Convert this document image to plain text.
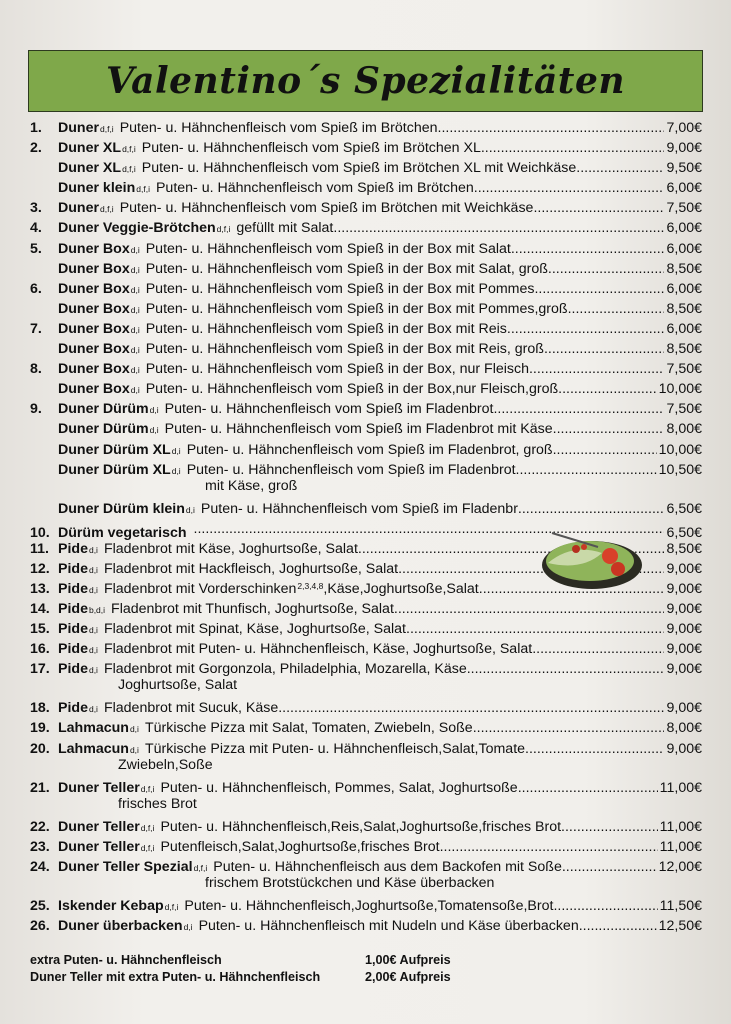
Valentino´s Spezialitäten
1.	Duner d,f,i Puten- u. Hähnchenfleisch vom Spieß im Brötchen .....	7,00€
2.	Duner XL d,f,i Puten- u. Hähnchenfleisch vom Spieß im Brötchen XL .....	9,00€
Duner XL d,f,i Puten- u. Hähnchenfleisch vom Spieß im Brötchen XL mit Weichkäse .....	9,50€
Duner klein d,f,i Puten- u. Hähnchenfleisch vom Spieß im Brötchen .....	6,00€
3.	Duner d,f,i Puten- u. Hähnchenfleisch vom Spieß im Brötchen mit Weichkäse .....	7,50€
4.	Duner Veggie-Brötchen d,f,i gefüllt mit Salat .....	6,00€
5.	Duner Box d,i Puten- u. Hähnchenfleisch vom Spieß in der Box mit Salat .....	6,00€
Duner Box d,i Puten- u. Hähnchenfleisch vom Spieß in der Box mit Salat, groß .....	8,50€
6.	Duner Box d,i Puten- u. Hähnchenfleisch vom Spieß in der Box mit Pommes .....	6,00€
Duner Box d,i Puten- u. Hähnchenfleisch vom Spieß in der Box mit Pommes,groß .....	8,50€
7.	Duner Box d,i Puten- u. Hähnchenfleisch vom Spieß in der Box mit Reis .....	6,00€
Duner Box d,i Puten- u. Hähnchenfleisch vom Spieß in der Box mit Reis, groß .....	8,50€
8.	Duner Box d,i Puten- u. Hähnchenfleisch vom Spieß in der Box, nur Fleisch .....	7,50€
Duner Box d,i Puten- u. Hähnchenfleisch vom Spieß in der Box,nur Fleisch,groß .....	10,00€
9.	Duner Dürüm d,i Puten- u. Hähnchenfleisch vom Spieß im Fladenbrot .....	7,50€
Duner Dürüm d,i Puten- u. Hähnchenfleisch vom Spieß im Fladenbrot mit Käse .....	8,00€
Duner Dürüm XL d,i Puten- u. Hähnchenfleisch vom Spieß im Fladenbrot, groß .....	10,00€
Duner Dürüm XL d,i Puten- u. Hähnchenfleisch vom Spieß im Fladenbrot .....	10,50€
mit Käse, groß
Duner Dürüm klein d,i Puten- u. Hähnchenfleisch vom Spieß im Fladenbr .....	6,50€
10. Dürüm vegetarisch .....	6,50€
11. Pide d,i Fladenbrot mit Käse, Joghurtsoße, Salat .....	8,50€
12. Pide d,i Fladenbrot mit Hackfleisch, Joghurtsoße, Salat .....	9,00€
13. Pide d,i Fladenbrot mit Vorderschinken 2,3,4,8 ,Käse,Joghurtsoße,Salat .....	9,00€
14. Pide b,d,i Fladenbrot mit Thunfisch, Joghurtsoße, Salat .....	9,00€
15. Pide d,i Fladenbrot mit Spinat, Käse, Joghurtsoße, Salat .....	9,00€
16. Pide d,i Fladenbrot mit Puten- u. Hähnchenfleisch, Käse, Joghurtsoße, Salat .....	9,00€
17. Pide d,i Fladenbrot mit Gorgonzola, Philadelphia, Mozarella, Käse .....	9,00€
Joghurtsoße, Salat
18. Pide d,i Fladenbrot mit Sucuk, Käse .....	9,00€
19. Lahmacun d,i Türkische Pizza mit Salat, Tomaten, Zwiebeln, Soße .....	8,00€
20. Lahmacun d,i Türkische Pizza mit Puten- u. Hähnchenfleisch,Salat,Tomate .....	9,00€
Zwiebeln,Soße
21. Duner Teller d,f,i Puten- u. Hähnchenfleisch, Pommes, Salat, Joghurtsoße .....	11,00€
frisches Brot
22. Duner Teller d,f,i Puten- u. Hähnchenfleisch,Reis,Salat,Joghurtsoße,frisches Brot .....	11,00€
23. Duner Teller d,f,i Putenfleisch,Salat,Joghurtsoße,frisches Brot .....	11,00€
24. Duner Teller Spezial d,f,i Puten- u. Hähnchenfleisch aus dem Backofen mit Soße .....	12,00€
frischem Brotstückchen und Käse überbacken
25. Iskender Kebap d,f,i Puten- u. Hähnchenfleisch,Joghurtsoße,Tomatensoße,Brot .....	11,50€
26. Duner überbacken d,i Puten- u. Hähnchenfleisch mit Nudeln und Käse überbacken .....	12,50€
extra Puten- u. Hähnchenfleisch	1,00€ Aufpreis
Duner Teller mit extra Puten- u. Hähnchenfleisch	2,00€ Aufpreis
